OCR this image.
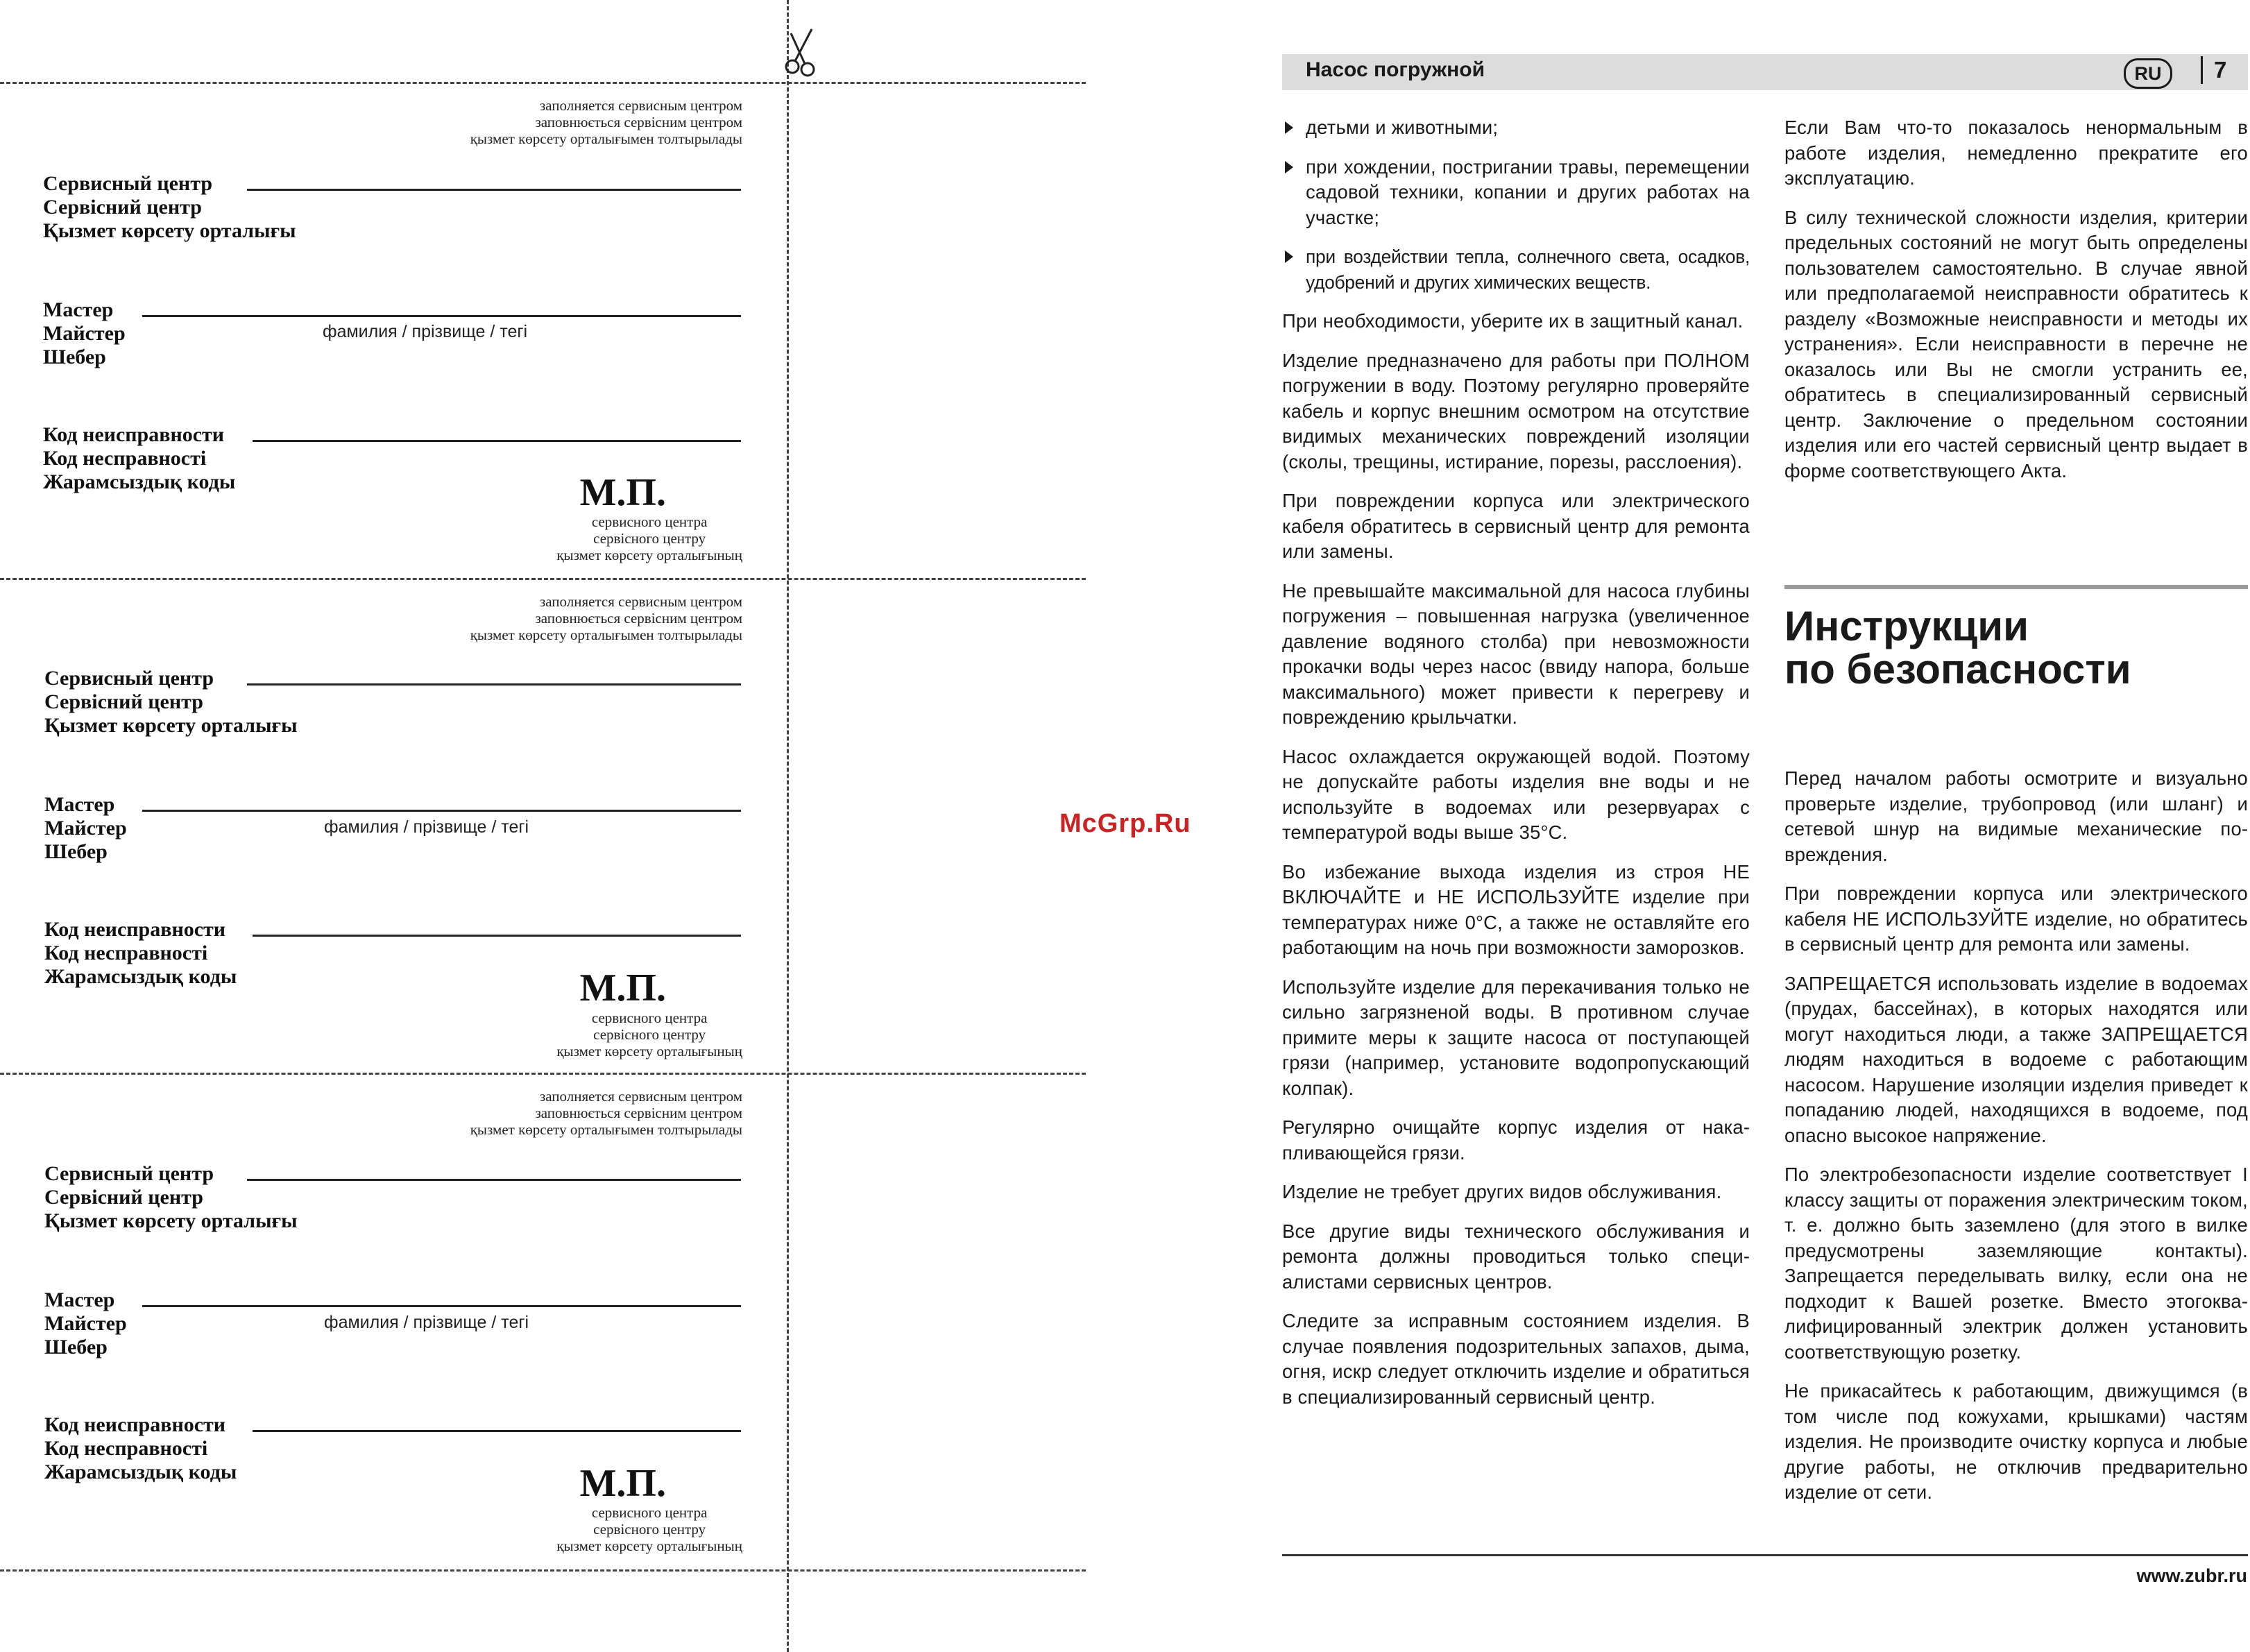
заполняется сервисным центром
заповнюється сервісним центром
қызмет көрсету орталығымен толтырылады
Сервисный центр
Сервісний центр
Қызмет көрсету орталығы
Мастер
Майстер
Шебер
фамилия / прізвище / тегі
Код неисправности
Код несправності
Жарамсыздық коды	М.П.
сервисного центра
сервісного центру
қызмет көрсету орталығының
заполняется сервисным центром
заповнюється сервісним центром
қызмет көрсету орталығымен толтырылады
Сервисный центр
Сервісний центр
Қызмет көрсету орталығы
Мастер
Майстер
Шебер
фамилия / прізвище / тегі
Код неисправности
Код несправності
Жарамсыздық коды	М.П.
сервисного центра
сервісного центру
қызмет көрсету орталығының
заполняется сервисным центром
заповнюється сервісним центром
қызмет көрсету орталығымен толтырылады
Сервисный центр
Сервісний центр
Қызмет көрсету орталығы
Мастер
Майстер
Шебер
фамилия / прізвище / тегі
Код неисправности
Код несправності
Жарамсыздық коды	М.П.
сервисного центра
сервісного центру
қызмет көрсету орталығының
McGrp.Ru
Насос погружной	RU	7

детьми и животными;

при хождении, постригании травы, перемещении садовой техники, копании и других работах на участке;

при воздействии тепла, солнечного света, осадков, удобрений и других химических веществ.

При необходимости, уберите их в защитный канал.

Изделие предназначено для работы при ПОЛНОМ погружении в воду. Поэтому регулярно проверяйте кабель и корпус внешним осмотром на отсутствие видимых механических повреждений изоляции (сколы, трещины, истирание, порезы, расслоения).

При повреждении корпуса или электрического кабеля обратитесь в сервисный центр для ремонта или замены.

Не превышайте максимальной для насоса глубины погружения – повышенная нагрузка (увеличенное давление водяного столба) при невозможности прокачки воды через насос (ввиду напора, больше максимального) может привести к перегреву и повреждению крыльчатки.

Насос охлаждается окружающей водой. Поэтому не допускайте работы изделия вне воды и не используйте в водоемах или резервуарах с температурой воды выше 35°С.

Во избежание выхода изделия из строя НЕ ВКЛЮЧАЙТЕ и НЕ ИСПОЛЬЗУЙТЕ изделие при температурах ниже 0°С, а также не оставляйте его работающим на ночь при возможности заморозков.

Используйте изделие для перекачивания только не сильно загрязненой воды. В противном случае примите меры к защите насоса от поступающей грязи (например, установите водопропускающий колпак).

Регулярно очищайте корпус изделия от накапливающейся грязи.

Изделие не требует других видов обслуживания.

Все другие виды технического обслуживания и ремонта должны проводиться только специалистами сервисных центров.

Следите за исправным состоянием изделия. В случае появления подозрительных запахов, дыма, огня, искр следует отключить изделие и обратиться в специализированный сервисный центр.

Если Вам что-то показалось ненормальным в работе изделия, немедленно прекратите его эксплуатацию.

В силу технической сложности изделия, критерии предельных состояний не могут быть определены пользователем самостоятельно. В случае явной или предполагаемой неисправности обратитесь к разделу «Возможные неисправности и методы их устранения». Если неисправности в перечне не оказалось или Вы не смогли устранить ее, обратитесь в специализированный сервисный центр. Заключение о предельном состоянии изделия или его частей сервисный центр выдает в форме соответствующего Акта.

Инструкции
по безопасности

Перед началом работы осмотрите и визуально проверьте изделие, трубопровод (или шланг) и сетевой шнур на видимые механические повреждения.

При повреждении корпуса или электрического кабеля НЕ ИСПОЛЬЗУЙТЕ изделие, но обратитесь в сервисный центр для ремонта или замены.

ЗАПРЕЩАЕТСЯ использовать изделие в водоемах (прудах, бассейнах), в которых находятся или могут находиться люди, а также ЗАПРЕЩАЕТСЯ людям находиться в водоеме с работающим насосом. Нарушение изоляции изделия приведет к попаданию людей, находящихся в водоеме, под опасно высокое напряжение.

По электробезопасности изделие соответствует I классу защиты от поражения электрическим током, т. е. должно быть заземлено (для этого в вилке предусмотрены заземляющие контакты). Запрещается переделывать вилку, если она не подходит к Вашей розетке. Вместо этогоквалифицированный электрик должен установить соответствующую розетку.

Не прикасайтесь к работающим, движущимся (в том числе под кожухами, крышками) частям изделия. Не производите очистку корпуса и любые другие работы, не отключив предварительно изделие от сети.

www.zubr.ru
